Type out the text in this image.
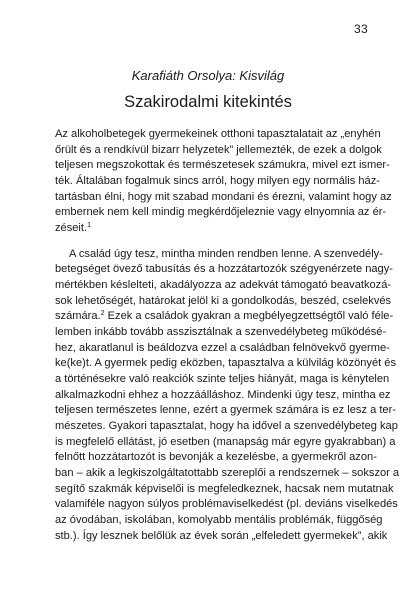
33
Karafiáth Orsolya: Kisvilág
Szakirodalmi kitekintés
Az alkoholbetegek gyermekeinek otthoni tapasztalatait az „enyhén
őrült és a rendkívül bizarr helyzetek” jellemezték, de ezek a dolgok
teljesen megszokottak és természetesek számukra, mivel ezt ismer-
ték. Általában fogalmuk sincs arról, hogy milyen egy normális ház-
tartásban élni, hogy mit szabad mondani és érezni, valamint hogy az
embernek nem kell mindig megkérdőjeleznie vagy elnyomnia az ér-
zéseit.$^1$
A család úgy tesz, mintha minden rendben lenne. A szenvedély-
betegséget övező tabusítás és a hozzátartozók szégyenérzete nagy-
mértékben késlelteti, akadályozza az adekvát támogató beavatkozá-
sok lehetőségét, határokat jelöl ki a gondolkodás, beszéd, cselekvés
számára.$^2$ Ezek a családok gyakran a megbélyegzettségtől való féle-
lemben inkább tovább asszisztálnak a szenvedélybeteg működésé-
hez, akaratlanul is beáldozva ezzel a családban felnövekvő gyerme-
ke(ke)t. A gyermek pedig eközben, tapasztalva a külvilág közönyét és
a történésekre való reakciók szinte teljes hiányát, maga is kénytelen
alkalmazkodni ehhez a hozzáálláshoz. Mindenki úgy tesz, mintha ez
teljesen természetes lenne, ezért a gyermek számára is ez lesz a ter-
mészetes. Gyakori tapasztalat, hogy ha idővel a szenvedélybeteg kap
is megfelelő ellátást, jó esetben (manapság már egyre gyakrabban) a
felnőtt hozzátartozót is bevonják a kezelésbe, a gyermekről azon-
ban – akik a legkiszolgáltatottabb szereplői a rendszernek – sokszor a
segítő szakmák képviselői is megfeledkeznek, hacsak nem mutatnak
valamiféle nagyon súlyos problémaviselkedést (pl. deviáns viselkedés
az óvodában, iskolában, komolyabb mentális problémák, függőség
stb.). Így lesznek belőlük az évek során „elfeledett gyermekek”, akik
